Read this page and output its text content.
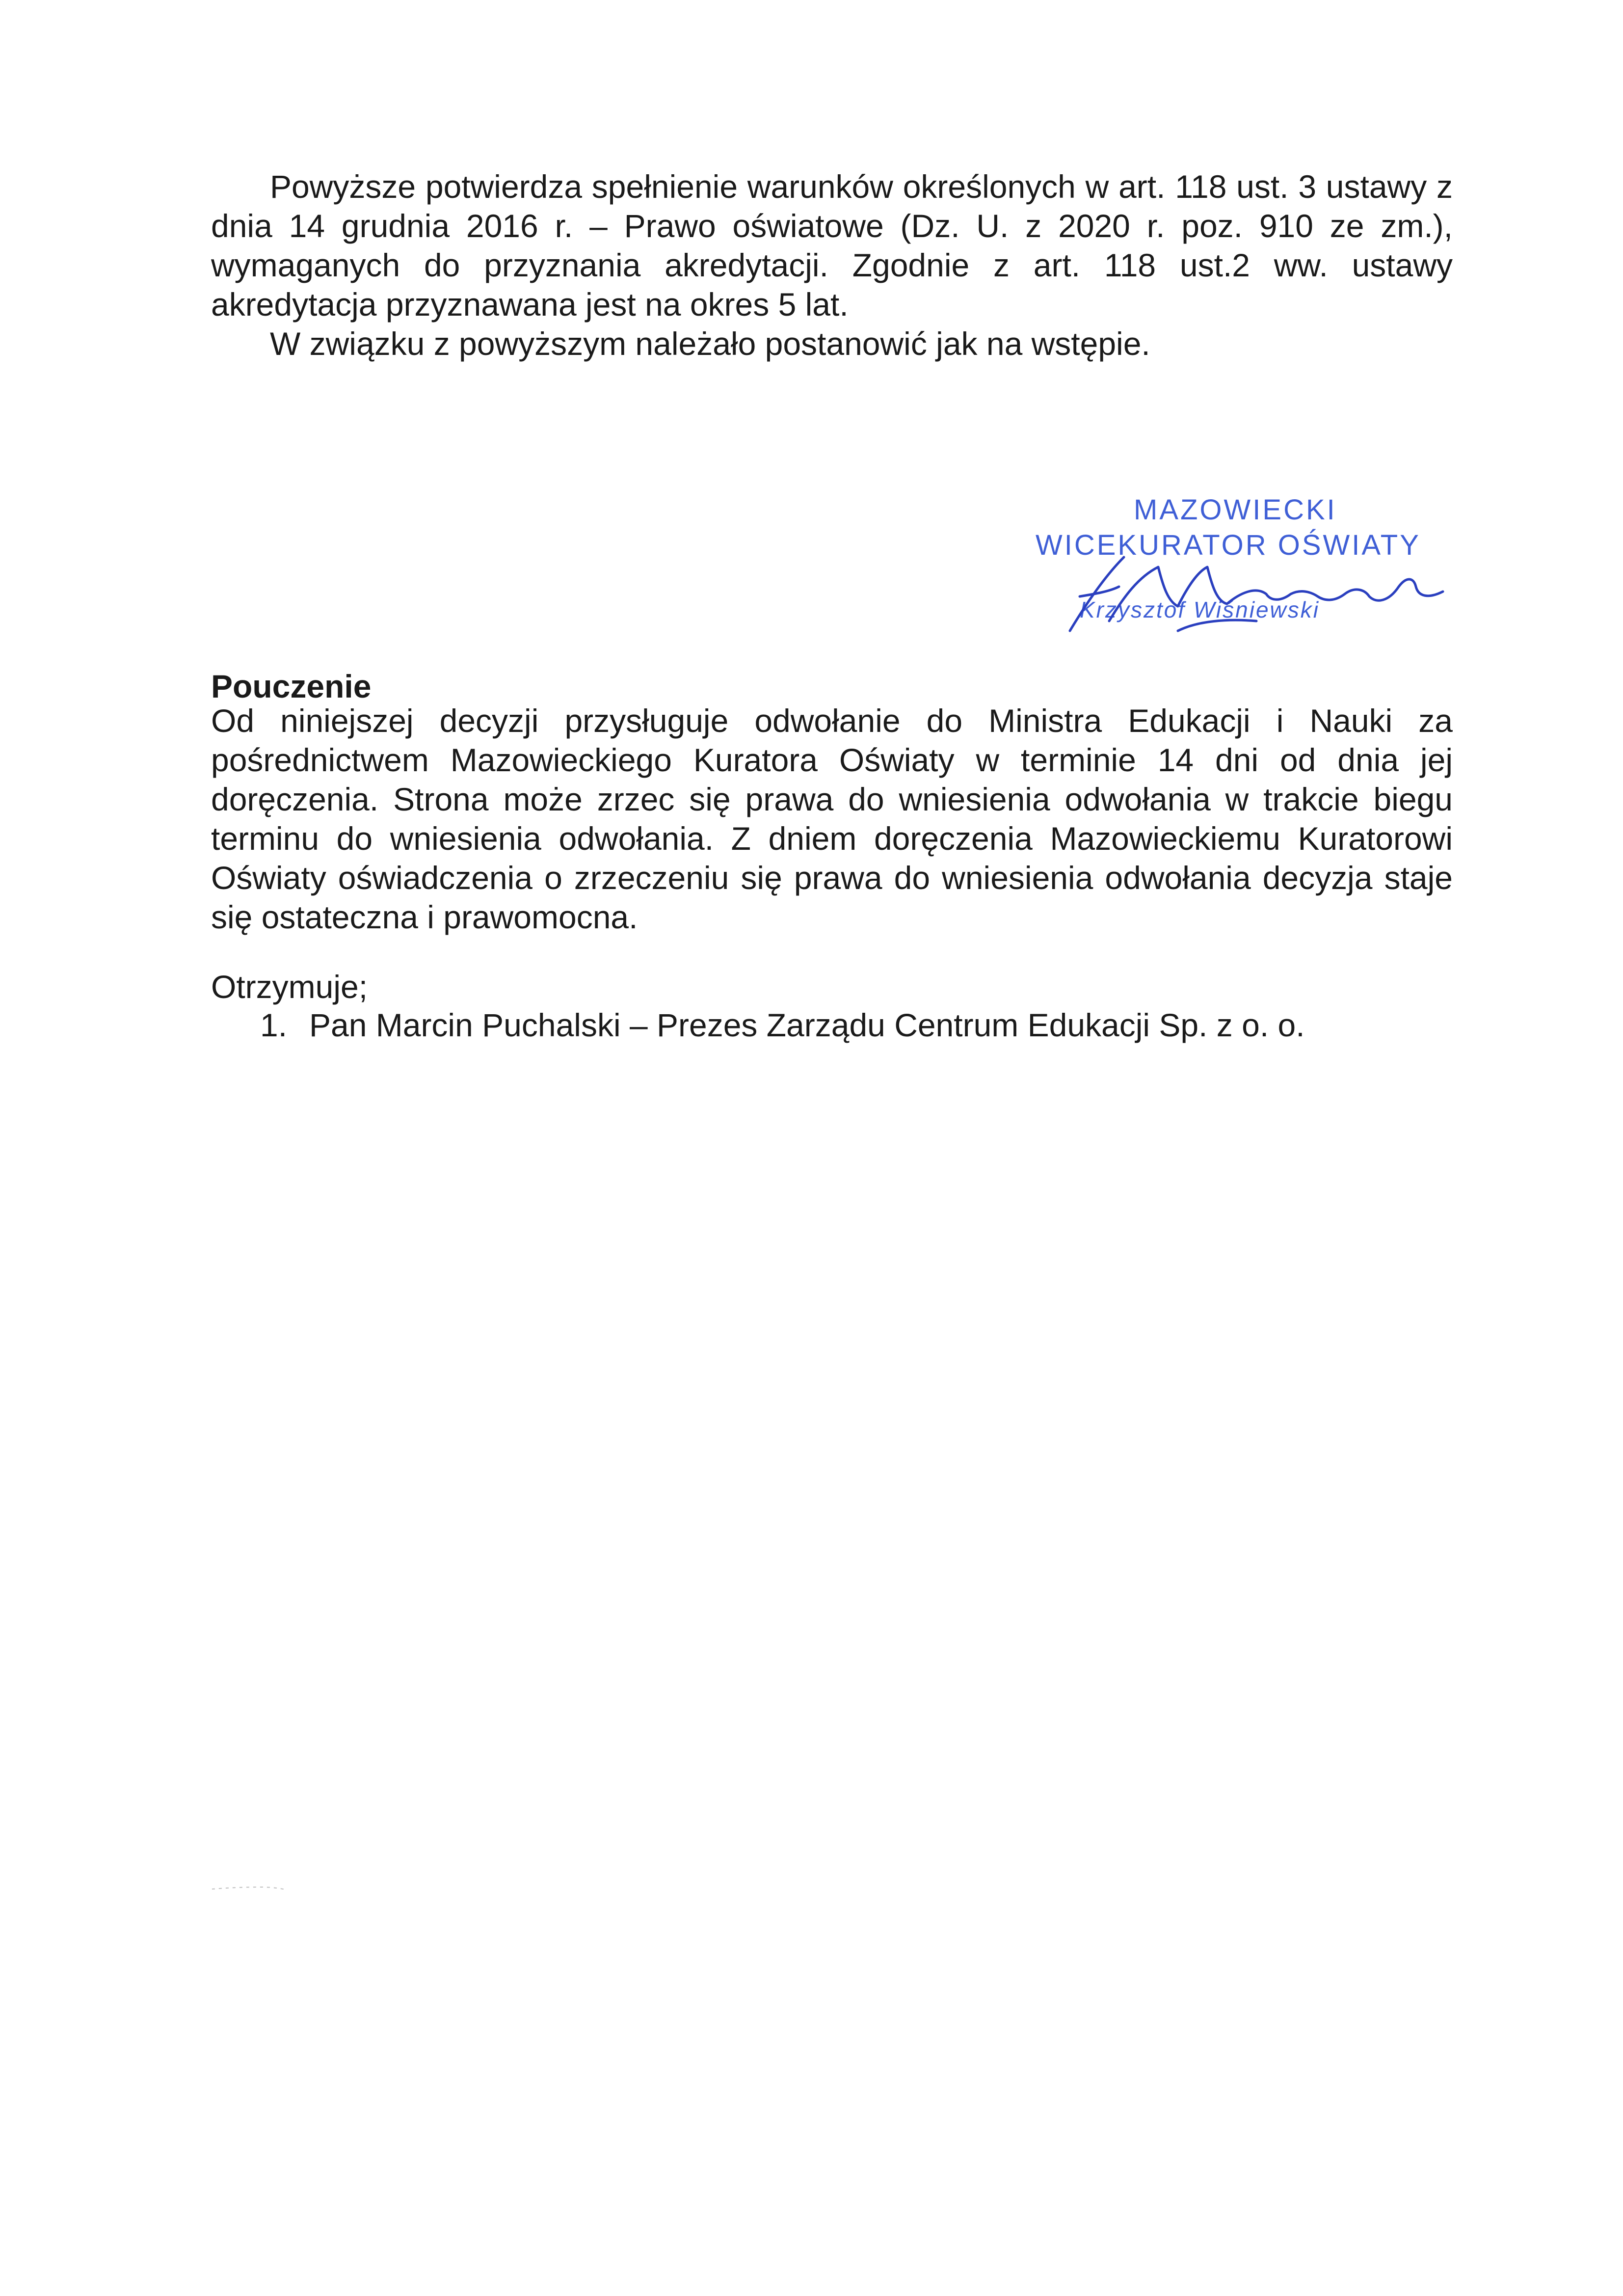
Powyższe potwierdza spełnienie warunków określonych w art. 118 ust. 3 ustawy z dnia 14 grudnia 2016 r. – Prawo oświatowe (Dz. U. z 2020 r. poz. 910 ze zm.), wymaganych do przyznania akredytacji. Zgodnie z art. 118 ust.2 ww. ustawy akredytacja przyznawana jest na okres 5 lat.

W związku z powyższym należało postanowić jak na wstępie.

MAZOWIECKI
WICEKURATOR OŚWIATY
Krzysztof Wiśniewski

Pouczenie

Od niniejszej decyzji przysługuje odwołanie do Ministra Edukacji i Nauki za pośrednictwem Mazowieckiego Kuratora Oświaty w terminie 14 dni od dnia jej doręczenia. Strona może zrzec się prawa do wniesienia odwołania w trakcie biegu terminu do wniesienia odwołania. Z dniem doręczenia Mazowieckiemu Kuratorowi Oświaty oświadczenia o zrzeczeniu się prawa do wniesienia odwołania decyzja staje się ostateczna i prawomocna.

Otrzymuje;

1. Pan Marcin Puchalski – Prezes Zarządu Centrum Edukacji Sp. z o. o.
